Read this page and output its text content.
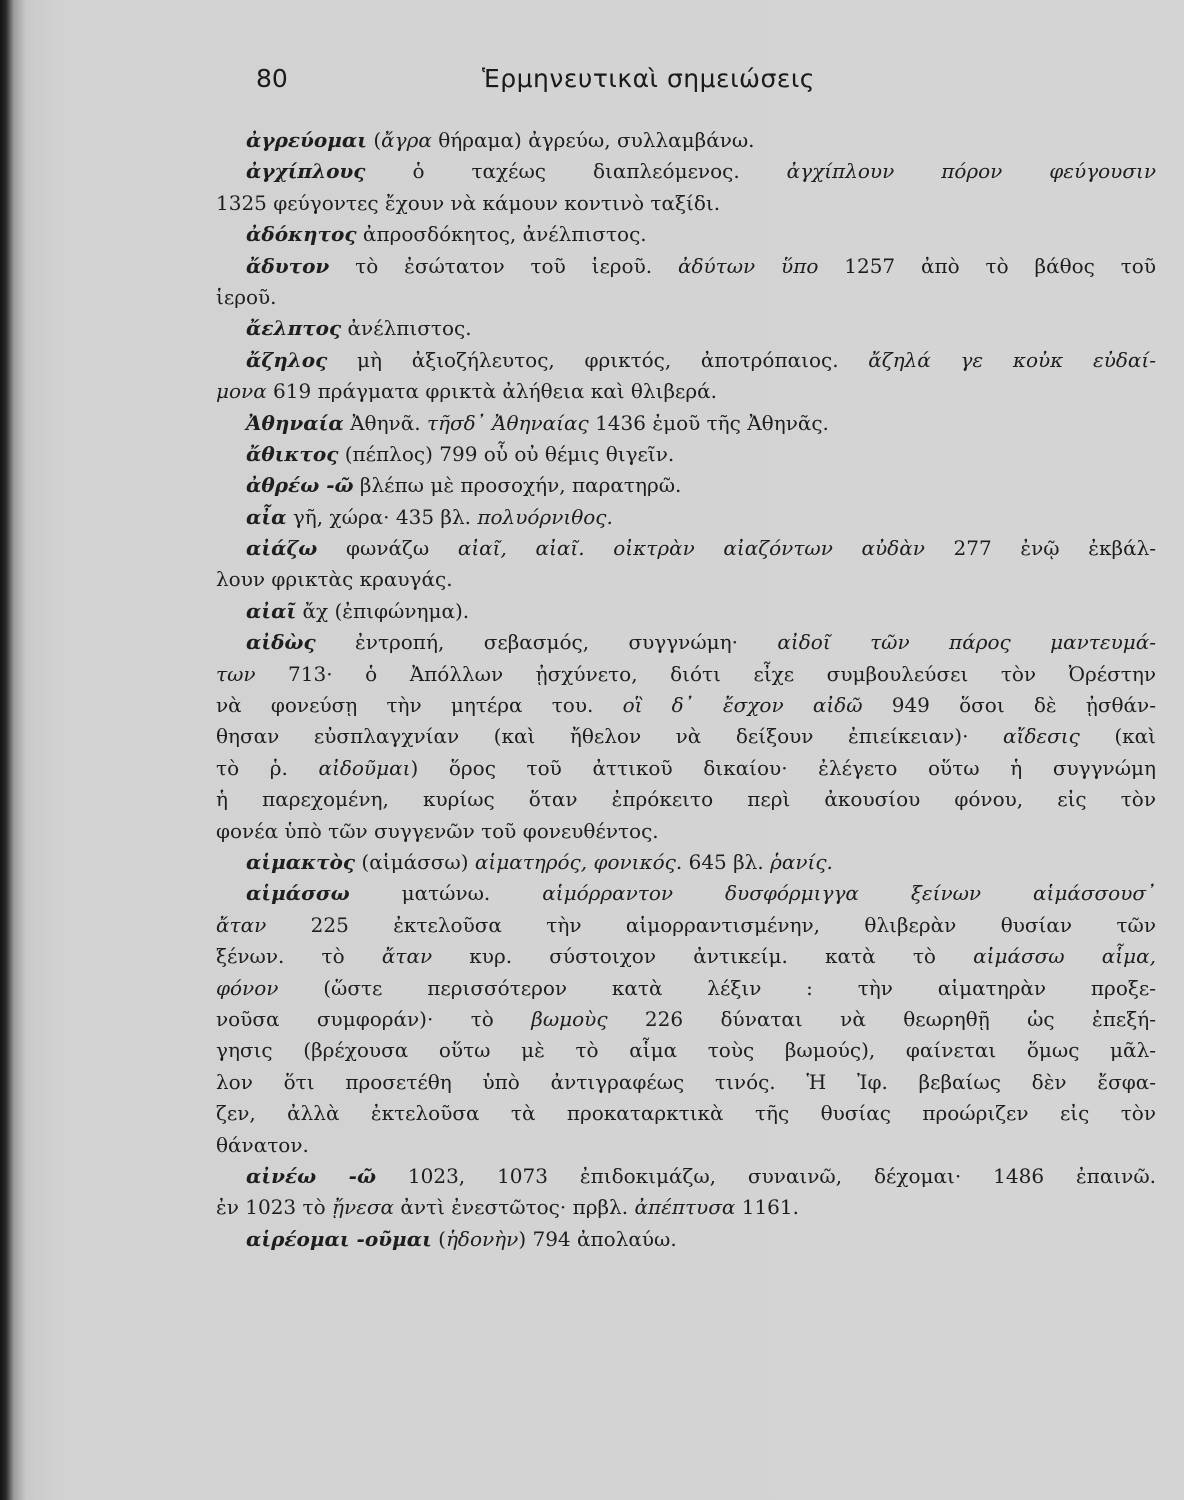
80	Ἑρμηνευτικαὶ σημειώσεις
ἀγρεύομαι (ἄγρα θήραμα) ἀγρεύω, συλλαμβάνω.
ἀγχίπλους ὁ ταχέως διαπλεόμενος. ἀγχίπλουν πόρον φεύγουσιν
1325 φεύγοντες ἔχουν νὰ κάμουν κοντινὸ ταξίδι.
ἀδόκητος ἀπροσδόκητος, ἀνέλπιστος.
ἄδυτον τὸ ἐσώτατον τοῦ ἱεροῦ. ἀδύτων ὕπο 1257 ἀπὸ τὸ βάθος τοῦ
ἱεροῦ.
ἄελπτος ἀνέλπιστος.
ἄζηλος μὴ ἀξιοζήλευτος, φρικτός, ἀποτρόπαιος. ἄζηλά γε κοὐκ εὐδαί-
μονα 619 πράγματα φρικτὰ ἀλήθεια καὶ θλιβερά.
Ἀθηναία Ἀθηνᾶ. τῆσδ᾽ Ἀθηναίας 1436 ἐμοῦ τῆς Ἀθηνᾶς.
ἄθικτος (πέπλος) 799 οὗ οὐ θέμις θιγεῖν.
ἀθρέω -ῶ βλέπω μὲ προσοχήν, παρατηρῶ.
αἶα γῆ, χώρα· 435 βλ. πολυόρνιθος.
αἰάζω φωνάζω αἰαῖ, αἰαῖ. οἰκτρὰν αἰαζόντων αὐδὰν 277 ἐνῷ ἐκβάλ-
λουν φρικτὰς κραυγάς.
αἰαῖ ἄχ (ἐπιφώνημα).
αἰδὼς ἐντροπή, σεβασμός, συγγνώμη· αἰδοῖ τῶν πάρος μαντευμά-
των 713· ὁ Ἀπόλλων ᾐσχύνετο, διότι εἶχε συμβουλεύσει τὸν Ὀρέστην
νὰ φονεύσῃ τὴν μητέρα του. οἳ δ᾽ ἔσχον αἰδῶ 949 ὅσοι δὲ ᾐσθάν-
θησαν εὐσπλαγχνίαν (καὶ ἤθελον νὰ δείξουν ἐπιείκειαν)· αἴδεσις (καὶ
τὸ ῥ. αἰδοῦμαι) ὅρος τοῦ ἀττικοῦ δικαίου· ἐλέγετο οὕτω ἡ συγγνώμη
ἡ παρεχομένη, κυρίως ὅταν ἐπρόκειτο περὶ ἀκουσίου φόνου, εἰς τὸν
φονέα ὑπὸ τῶν συγγενῶν τοῦ φονευθέντος.
αἱμακτὸς (αἱμάσσω) αἱματηρός, φονικός. 645 βλ. ῥανίς.
αἱμάσσω ματώνω. αἱμόρραντον δυσφόρμιγγα ξείνων αἱμάσσουσ᾽
ἄταν 225 ἐκτελοῦσα τὴν αἱμορραντισμένην, θλιβερὰν θυσίαν τῶν
ξένων. τὸ ἄταν κυρ. σύστοιχον ἀντικείμ. κατὰ τὸ αἱμάσσω αἷμα,
φόνον (ὥστε περισσότερον κατὰ λέξιν : τὴν αἱματηρὰν προξε-
νοῦσα συμφοράν)· τὸ βωμοὺς 226 δύναται νὰ θεωρηθῇ ὡς ἐπεξή-
γησις (βρέχουσα οὕτω μὲ τὸ αἷμα τοὺς βωμούς), φαίνεται ὅμως μᾶλ-
λον ὅτι προσετέθη ὑπὸ ἀντιγραφέως τινός. Ἡ Ἰφ. βεβαίως δὲν ἔσφα-
ζεν, ἀλλὰ ἐκτελοῦσα τὰ προκαταρκτικὰ τῆς θυσίας προώριζεν εἰς τὸν
θάνατον.
αἰνέω -ῶ 1023, 1073 ἐπιδοκιμάζω, συναινῶ, δέχομαι· 1486 ἐπαινῶ.
ἐν 1023 τὸ ᾔνεσα ἀντὶ ἐνεστῶτος· πρβλ. ἀπέπτυσα 1161.
αἱρέομαι -οῦμαι (ἡδονὴν) 794 ἀπολαύω.
